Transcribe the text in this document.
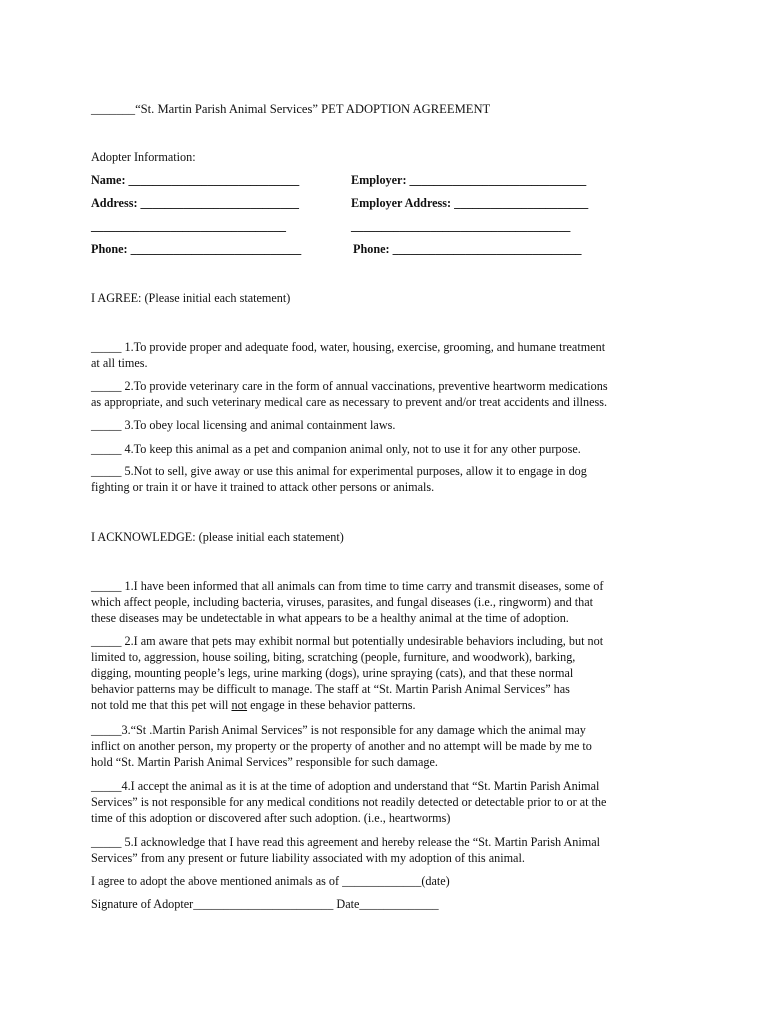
_______“St. Martin Parish Animal Services” PET ADOPTION AGREEMENT
Adopter Information:
Name: ____________________________	Employer: _____________________________
Address: __________________________	Employer Address: ______________________
________________________________	____________________________________
Phone: ____________________________	Phone: _______________________________
I AGREE: (Please initial each statement)
_____ 1.To provide proper and adequate food, water, housing, exercise, grooming, and humane treatment
at all times.
_____ 2.To provide veterinary care in the form of annual vaccinations, preventive heartworm medications
as appropriate, and such veterinary medical care as necessary to prevent and/or treat accidents and illness.
_____ 3.To obey local licensing and animal containment laws.
_____ 4.To keep this animal as a pet and companion animal only, not to use it for any other purpose.
_____ 5.Not to sell, give away or use this animal for experimental purposes, allow it to engage in dog
fighting or train it or have it trained to attack other persons or animals.
I ACKNOWLEDGE: (please initial each statement)
_____ 1.I have been informed that all animals can from time to time carry and transmit diseases, some of
which affect people, including bacteria, viruses, parasites, and fungal diseases (i.e., ringworm) and that
these diseases may be undetectable in what appears to be a healthy animal at the time of adoption.
_____ 2.I am aware that pets may exhibit normal but potentially undesirable behaviors including, but not
limited to, aggression, house soiling, biting, scratching (people, furniture, and woodwork), barking,
digging, mounting people’s legs, urine marking (dogs), urine spraying (cats), and that these normal
behavior patterns may be difficult to manage. The staff at “St. Martin Parish Animal Services” has
not told me that this pet will not engage in these behavior patterns.
_____3.“St .Martin Parish Animal Services” is not responsible for any damage which the animal may
inflict on another person, my property or the property of another and no attempt will be made by me to
hold “St. Martin Parish Animal Services” responsible for such damage.
_____4.I accept the animal as it is at the time of adoption and understand that “St. Martin Parish Animal
Services” is not responsible for any medical conditions not readily detected or detectable prior to or at the
time of this adoption or discovered after such adoption. (i.e., heartworms)
_____ 5.I acknowledge that I have read this agreement and hereby release the “St. Martin Parish Animal
Services” from any present or future liability associated with my adoption of this animal.
I agree to adopt the above mentioned animals as of _____________(date)
Signature of Adopter_______________________ Date_____________
